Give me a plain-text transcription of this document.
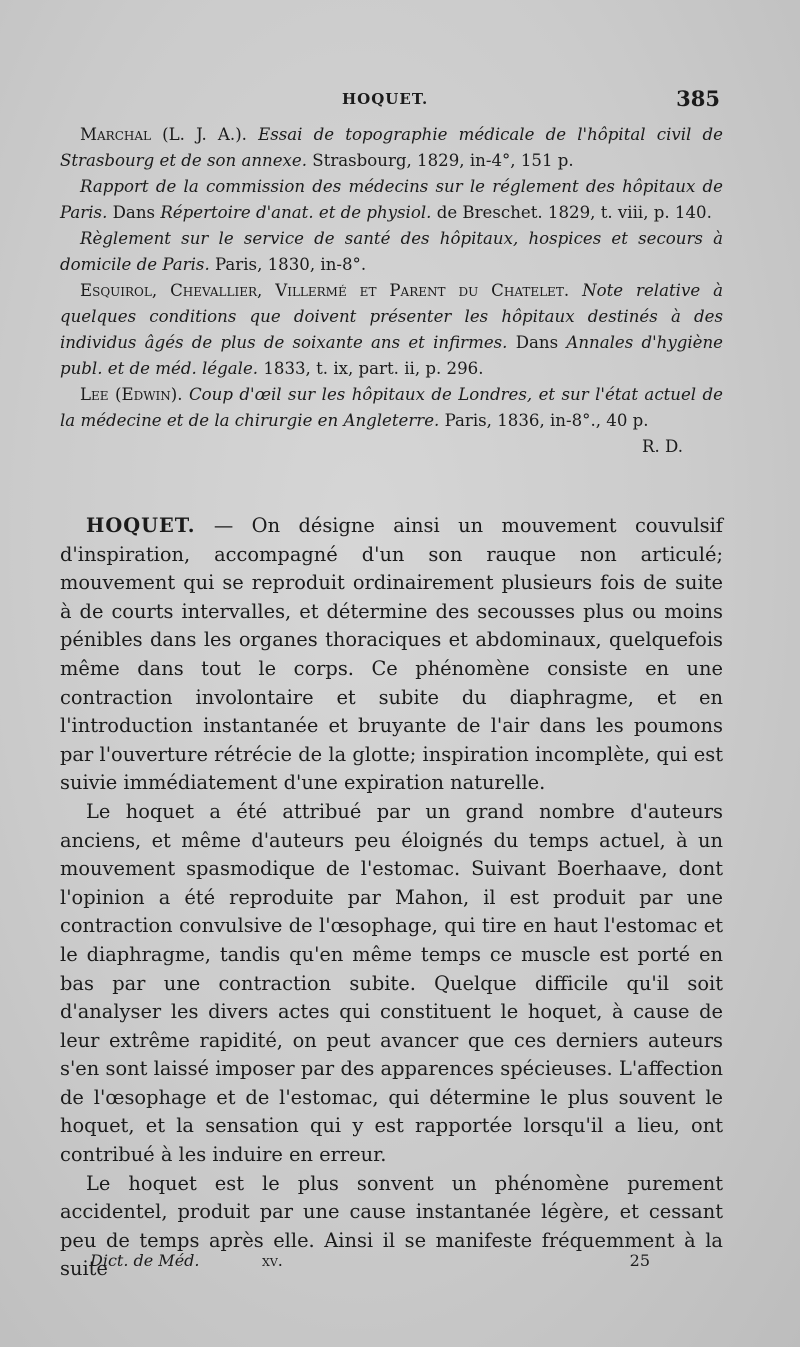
HOQUET.	385

Marchal (L. J. A.). Essai de topographie médicale de l'hôpital civil de Strasbourg et de son annexe. Strasbourg, 1829, in-4°, 151 p.

Rapport de la commission des médecins sur le réglement des hôpitaux de Paris. Dans Répertoire d'anat. et de physiol. de Breschet. 1829, t. viii, p. 140.

Règlement sur le service de santé des hôpitaux, hospices et secours à domicile de Paris. Paris, 1830, in-8°.

Esquirol, Chevallier, Villermé et Parent du Chatelet. Note relative à quelques conditions que doivent présenter les hôpitaux destinés à des individus âgés de plus de soixante ans et infirmes. Dans Annales d'hygiène publ. et de méd. légale. 1833, t. ix, part. ii, p. 296.

Lee (Edwin). Coup d'œil sur les hôpitaux de Londres, et sur l'état actuel de la médecine et de la chirurgie en Angleterre. Paris, 1836, in-8°., 40 p.

R. D.

HOQUET. — On désigne ainsi un mouvement couvulsif d'inspiration, accompagné d'un son rauque non articulé; mouvement qui se reproduit ordinairement plusieurs fois de suite à de courts intervalles, et détermine des secousses plus ou moins pénibles dans les organes thoraciques et abdominaux, quelquefois même dans tout le corps. Ce phénomène consiste en une contraction involontaire et subite du diaphragme, et en l'introduction instantanée et bruyante de l'air dans les poumons par l'ouverture rétrécie de la glotte; inspiration incomplète, qui est suivie immédiatement d'une expiration naturelle.

Le hoquet a été attribué par un grand nombre d'auteurs anciens, et même d'auteurs peu éloignés du temps actuel, à un mouvement spasmodique de l'estomac. Suivant Boerhaave, dont l'opinion a été reproduite par Mahon, il est produit par une contraction convulsive de l'œsophage, qui tire en haut l'estomac et le diaphragme, tandis qu'en même temps ce muscle est porté en bas par une contraction subite. Quelque difficile qu'il soit d'analyser les divers actes qui constituent le hoquet, à cause de leur extrême rapidité, on peut avancer que ces derniers auteurs s'en sont laissé imposer par des apparences spécieuses. L'affection de l'œsophage et de l'estomac, qui détermine le plus souvent le hoquet, et la sensation qui y est rapportée lorsqu'il a lieu, ont contribué à les induire en erreur.

Le hoquet est le plus sonvent un phénomène purement accidentel, produit par une cause instantanée légère, et cessant peu de temps après elle. Ainsi il se manifeste fréquemment à la suite

Dict. de Méd.	xv.	25
